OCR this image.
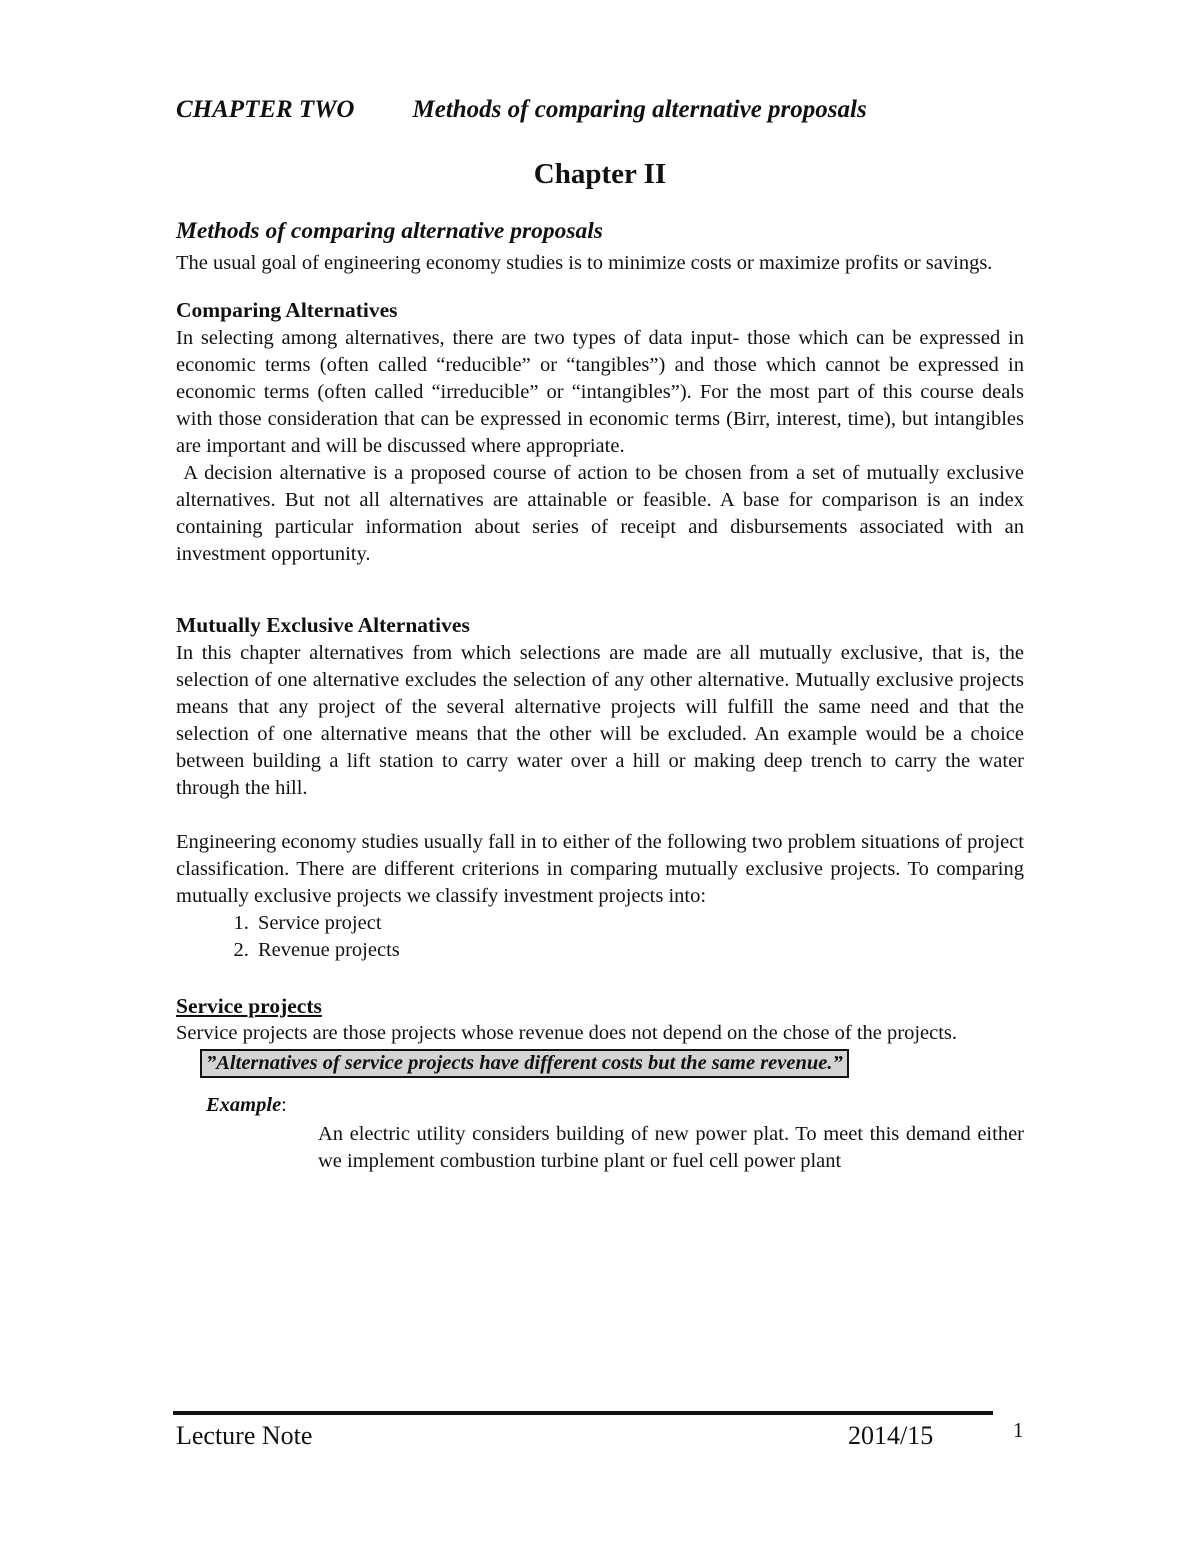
CHAPTER TWO Methods of comparing alternative proposals
Chapter II
Methods of comparing alternative proposals

The usual goal of engineering economy studies is to minimize costs or maximize profits or savings.

Comparing Alternatives

In selecting among alternatives, there are two types of data input- those which can be expressed in economic terms (often called “reducible” or “tangibles”) and those which cannot be expressed in economic terms (often called “irreducible” or “intangibles”). For the most part of this course deals with those consideration that can be expressed in economic terms (Birr, interest, time), but intangibles are important and will be discussed where appropriate.

A decision alternative is a proposed course of action to be chosen from a set of mutually exclusive alternatives. But not all alternatives are attainable or feasible. A base for comparison is an index containing particular information about series of receipt and disbursements associated with an investment opportunity.

Mutually Exclusive Alternatives

In this chapter alternatives from which selections are made are all mutually exclusive, that is, the selection of one alternative excludes the selection of any other alternative. Mutually exclusive projects means that any project of the several alternative projects will fulfill the same need and that the selection of one alternative means that the other will be excluded. An example would be a choice between building a lift station to carry water over a hill or making deep trench to carry the water through the hill.

Engineering economy studies usually fall in to either of the following two problem situations of project classification. There are different criterions in comparing mutually exclusive projects. To comparing mutually exclusive projects we classify investment projects into:

1. Service project
2. Revenue projects
Service projects

Service projects are those projects whose revenue does not depend on the chose of the projects.

”Alternatives of service projects have different costs but the same revenue.”
Example:

An electric utility considers building of new power plat. To meet this demand either we implement combustion turbine plant or fuel cell power plant

Lecture Note	2014/15	1
